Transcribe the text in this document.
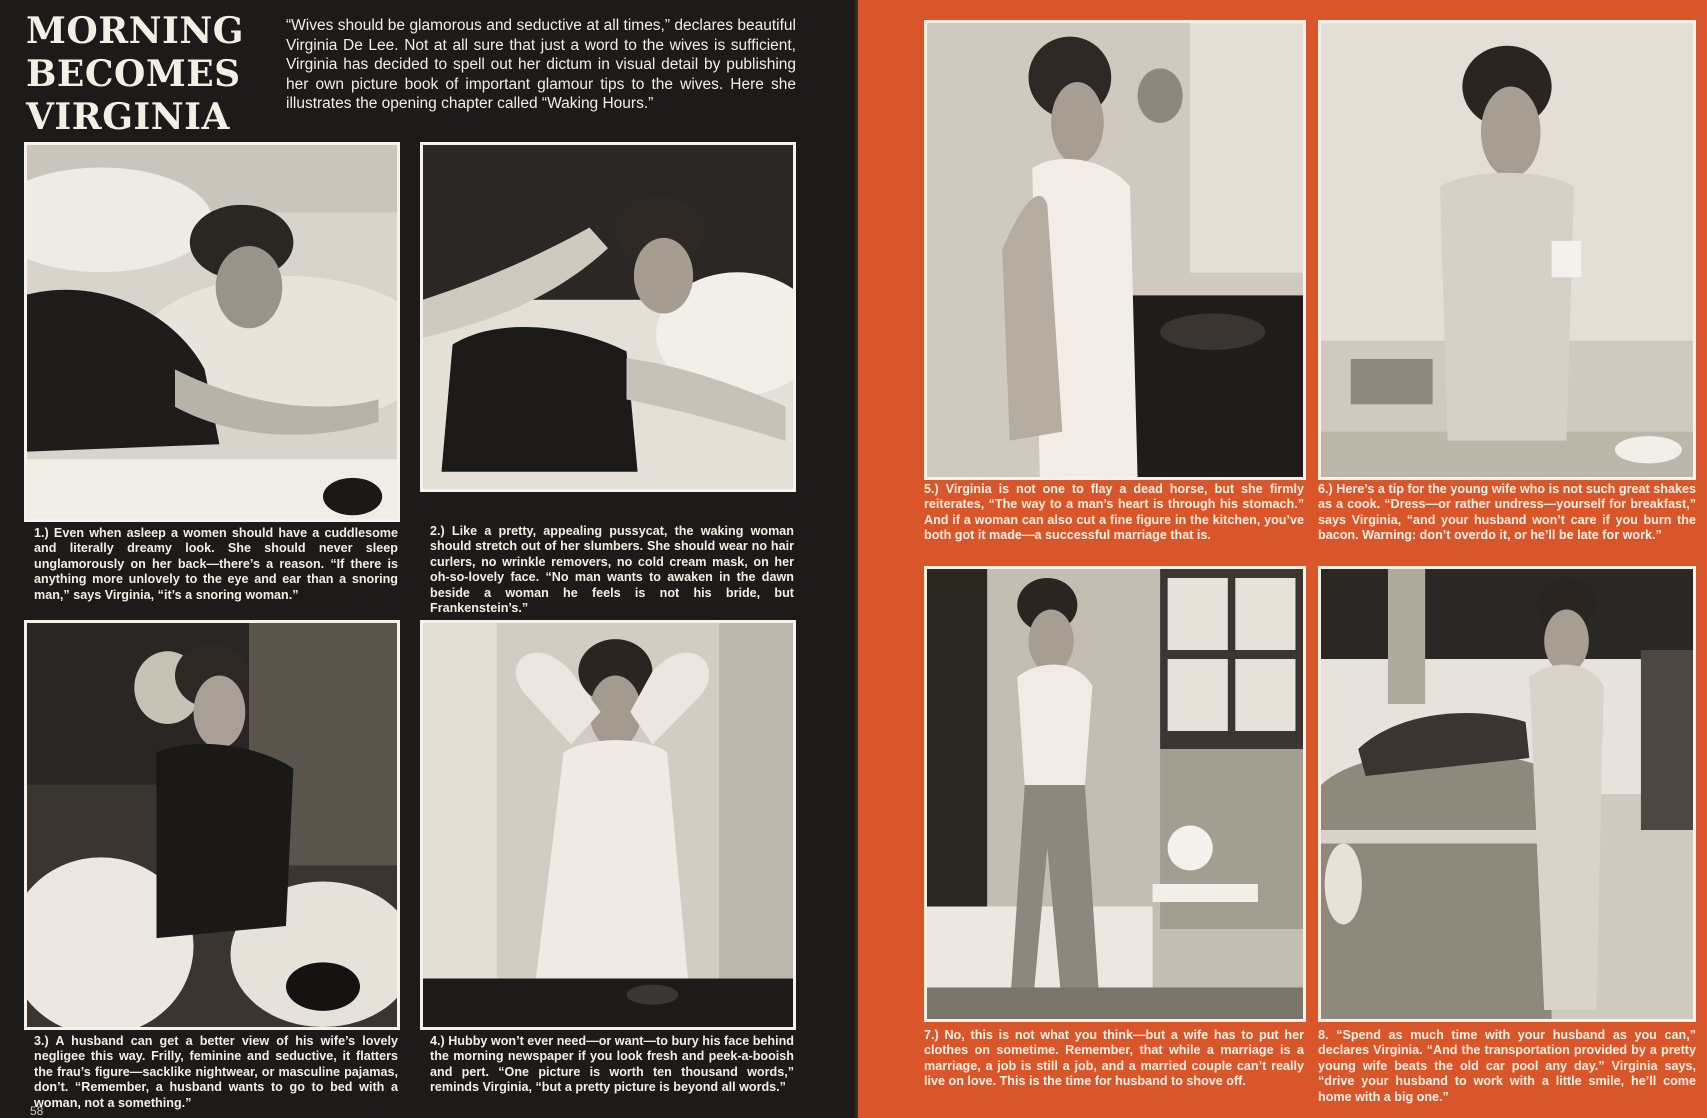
MORNING
BECOMES
VIRGINIA
“Wives should be glamorous and seductive at all times,” declares beautiful Virginia De Lee. Not at all sure that just a word to the wives is sufficient, Virginia has decided to spell out her dictum in visual detail by publishing her own picture book of important glamour tips to the wives. Here she illustrates the opening chapter called “Waking Hours.”
1.) Even when asleep a women should have a cuddlesome and literally dreamy look. She should never sleep unglamorously on her back—there’s a reason. “If there is anything more unlovely to the eye and ear than a snoring man,” says Virginia, “it’s a snoring woman.”
2.) Like a pretty, appealing pussycat, the waking woman should stretch out of her slumbers. She should wear no hair curlers, no wrinkle removers, no cold cream mask, on her oh-so-lovely face. “No man wants to awaken in the dawn beside a woman he feels is not his bride, but Frankenstein’s.”
3.) A husband can get a better view of his wife’s lovely negligee this way. Frilly, feminine and seductive, it flatters the frau’s figure—sacklike nightwear, or masculine pajamas, don’t. “Remember, a husband wants to go to bed with a woman, not a something.”
4.) Hubby won’t ever need—or want—to bury his face behind the morning newspaper if you look fresh and peek-a-booish and pert. “One picture is worth ten thousand words,” reminds Virginia, “but a pretty picture is beyond all words.”
58
5.) Virginia is not one to flay a dead horse, but she firmly reiterates, “The way to a man’s heart is through his stomach.” And if a woman can also cut a fine figure in the kitchen, you’ve both got it made—a successful marriage that is.
6.) Here’s a tip for the young wife who is not such great shakes as a cook. “Dress—or rather undress—yourself for breakfast,” says Virginia, “and your husband won’t care if you burn the bacon. Warning: don’t overdo it, or he’ll be late for work.”
7.) No, this is not what you think—but a wife has to put her clothes on sometime. Remember, that while a marriage is a marriage, a job is still a job, and a married couple can’t really live on love. This is the time for husband to shove off.
8. “Spend as much time with your husband as you can,” declares Virginia. “And the transportation provided by a pretty young wife beats the old car pool any day.” Virginia says, “drive your husband to work with a little smile, he’ll come home with a big one.”
